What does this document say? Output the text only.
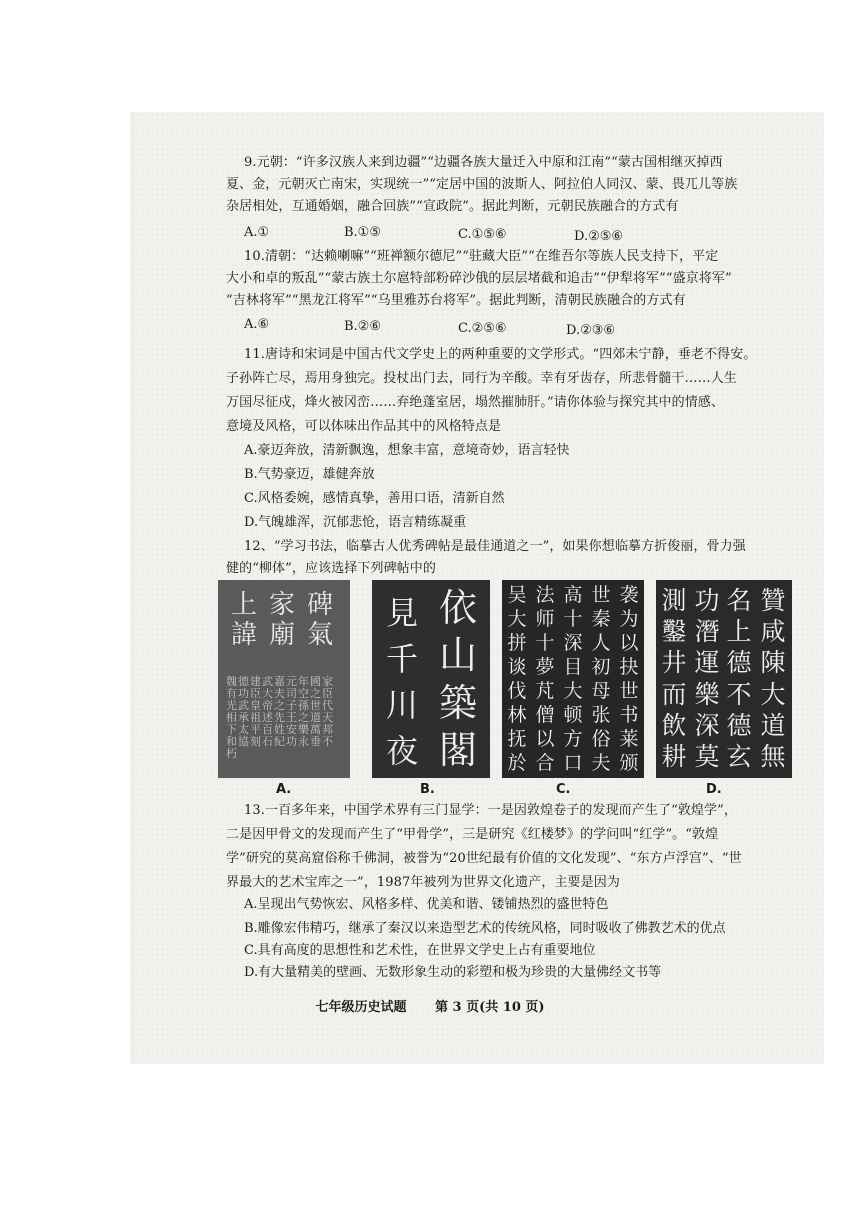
9.元朝：“许多汉族人来到边疆”“边疆各族大量迁入中原和江南”“蒙古国相继灭掉西
夏、金，元朝灭亡南宋，实现统一”“定居中国的波斯人、阿拉伯人同汉、蒙、畏兀儿等族
杂居相处，互通婚姻，融合回族”“宣政院”。据此判断，元朝民族融合的方式有
A.①	B.①⑤	C.①⑤⑥	D.②⑤⑥
10.清朝：“达赖喇嘛”“班禅额尔德尼”“驻藏大臣”“在维吾尔等族人民支持下，平定
大小和卓的叛乱”“蒙古族土尔扈特部粉碎沙俄的层层堵截和追击”“伊犁将军”“盛京将军”
“吉林将军”“黑龙江将军”“乌里雅苏台将军”。据此判断，清朝民族融合的方式有
A.⑥	B.②⑥	C.②⑤⑥	D.②③⑥
11.唐诗和宋词是中国古代文学史上的两种重要的文学形式。“四郊未宁静，垂老不得安。
子孙阵亡尽，焉用身独完。投杖出门去，同行为辛酸。幸有牙齿存，所悲骨髓干……人生
万国尽征戍，烽火被冈峦……弃绝蓬室居，塌然摧肺肝。”请你体验与探究其中的情感、
意境及风格，可以体味出作品其中的风格特点是
A.豪迈奔放，清新飘逸，想象丰富，意境奇妙，语言轻快
B.气势豪迈，雄健奔放
C.风格委婉，感情真挚，善用口语，清新自然
D.气魄雄浑，沉郁悲怆，语言精练凝重
12、“学习书法，临摹古人优秀碑帖是最佳通道之一”，如果你想临摹方折俊丽，骨力强
健的“柳体”，应该选择下列碑帖中的
上 家 碑
諱 廟 氣
魏德建武嘉元年國家有功臣大夫司空之臣光武皇帝之子孫世代相承祖述先王之道天下太平百姓安樂萬邦和協刻石紀功永垂不朽
A.
見
千
川
夜
依
山
築
閣
B.
袭
为
以
抉
世
书
莱
颁
世
秦
人
初
母
张
俗
夫
高
十
深
目
大
顿
方
口
法
师
十
夢
芃
僧
以
合
吴
大
拼
谈
伐
林
抚
於
C.
贊
咸
陳
大
道
無
名
上
德
不
德
玄
功
潛
運
樂
深
莫
測
鑿
井
而
飲
耕
D.
13.一百多年来，中国学术界有三门显学：一是因敦煌卷子的发现而产生了“敦煌学”，
二是因甲骨文的发现而产生了“甲骨学”，三是研究《红楼梦》的学问叫“红学”。“敦煌
学”研究的莫高窟俗称千佛洞，被誉为“20世纪最有价值的文化发现”、“东方卢浮宫”、“世
界最大的艺术宝库之一”，1987年被列为世界文化遗产，主要是因为
A.呈现出气势恢宏、风格多样、优美和谐、镂铺热烈的盛世特色
B.雕像宏伟精巧，继承了秦汉以来造型艺术的传统风格，同时吸收了佛教艺术的优点
C.具有高度的思想性和艺术性，在世界文学史上占有重要地位
D.有大量精美的壁画、无数形象生动的彩塑和极为珍贵的大量佛经文书等
七年级历史试题 第 3 页(共 10 页)
